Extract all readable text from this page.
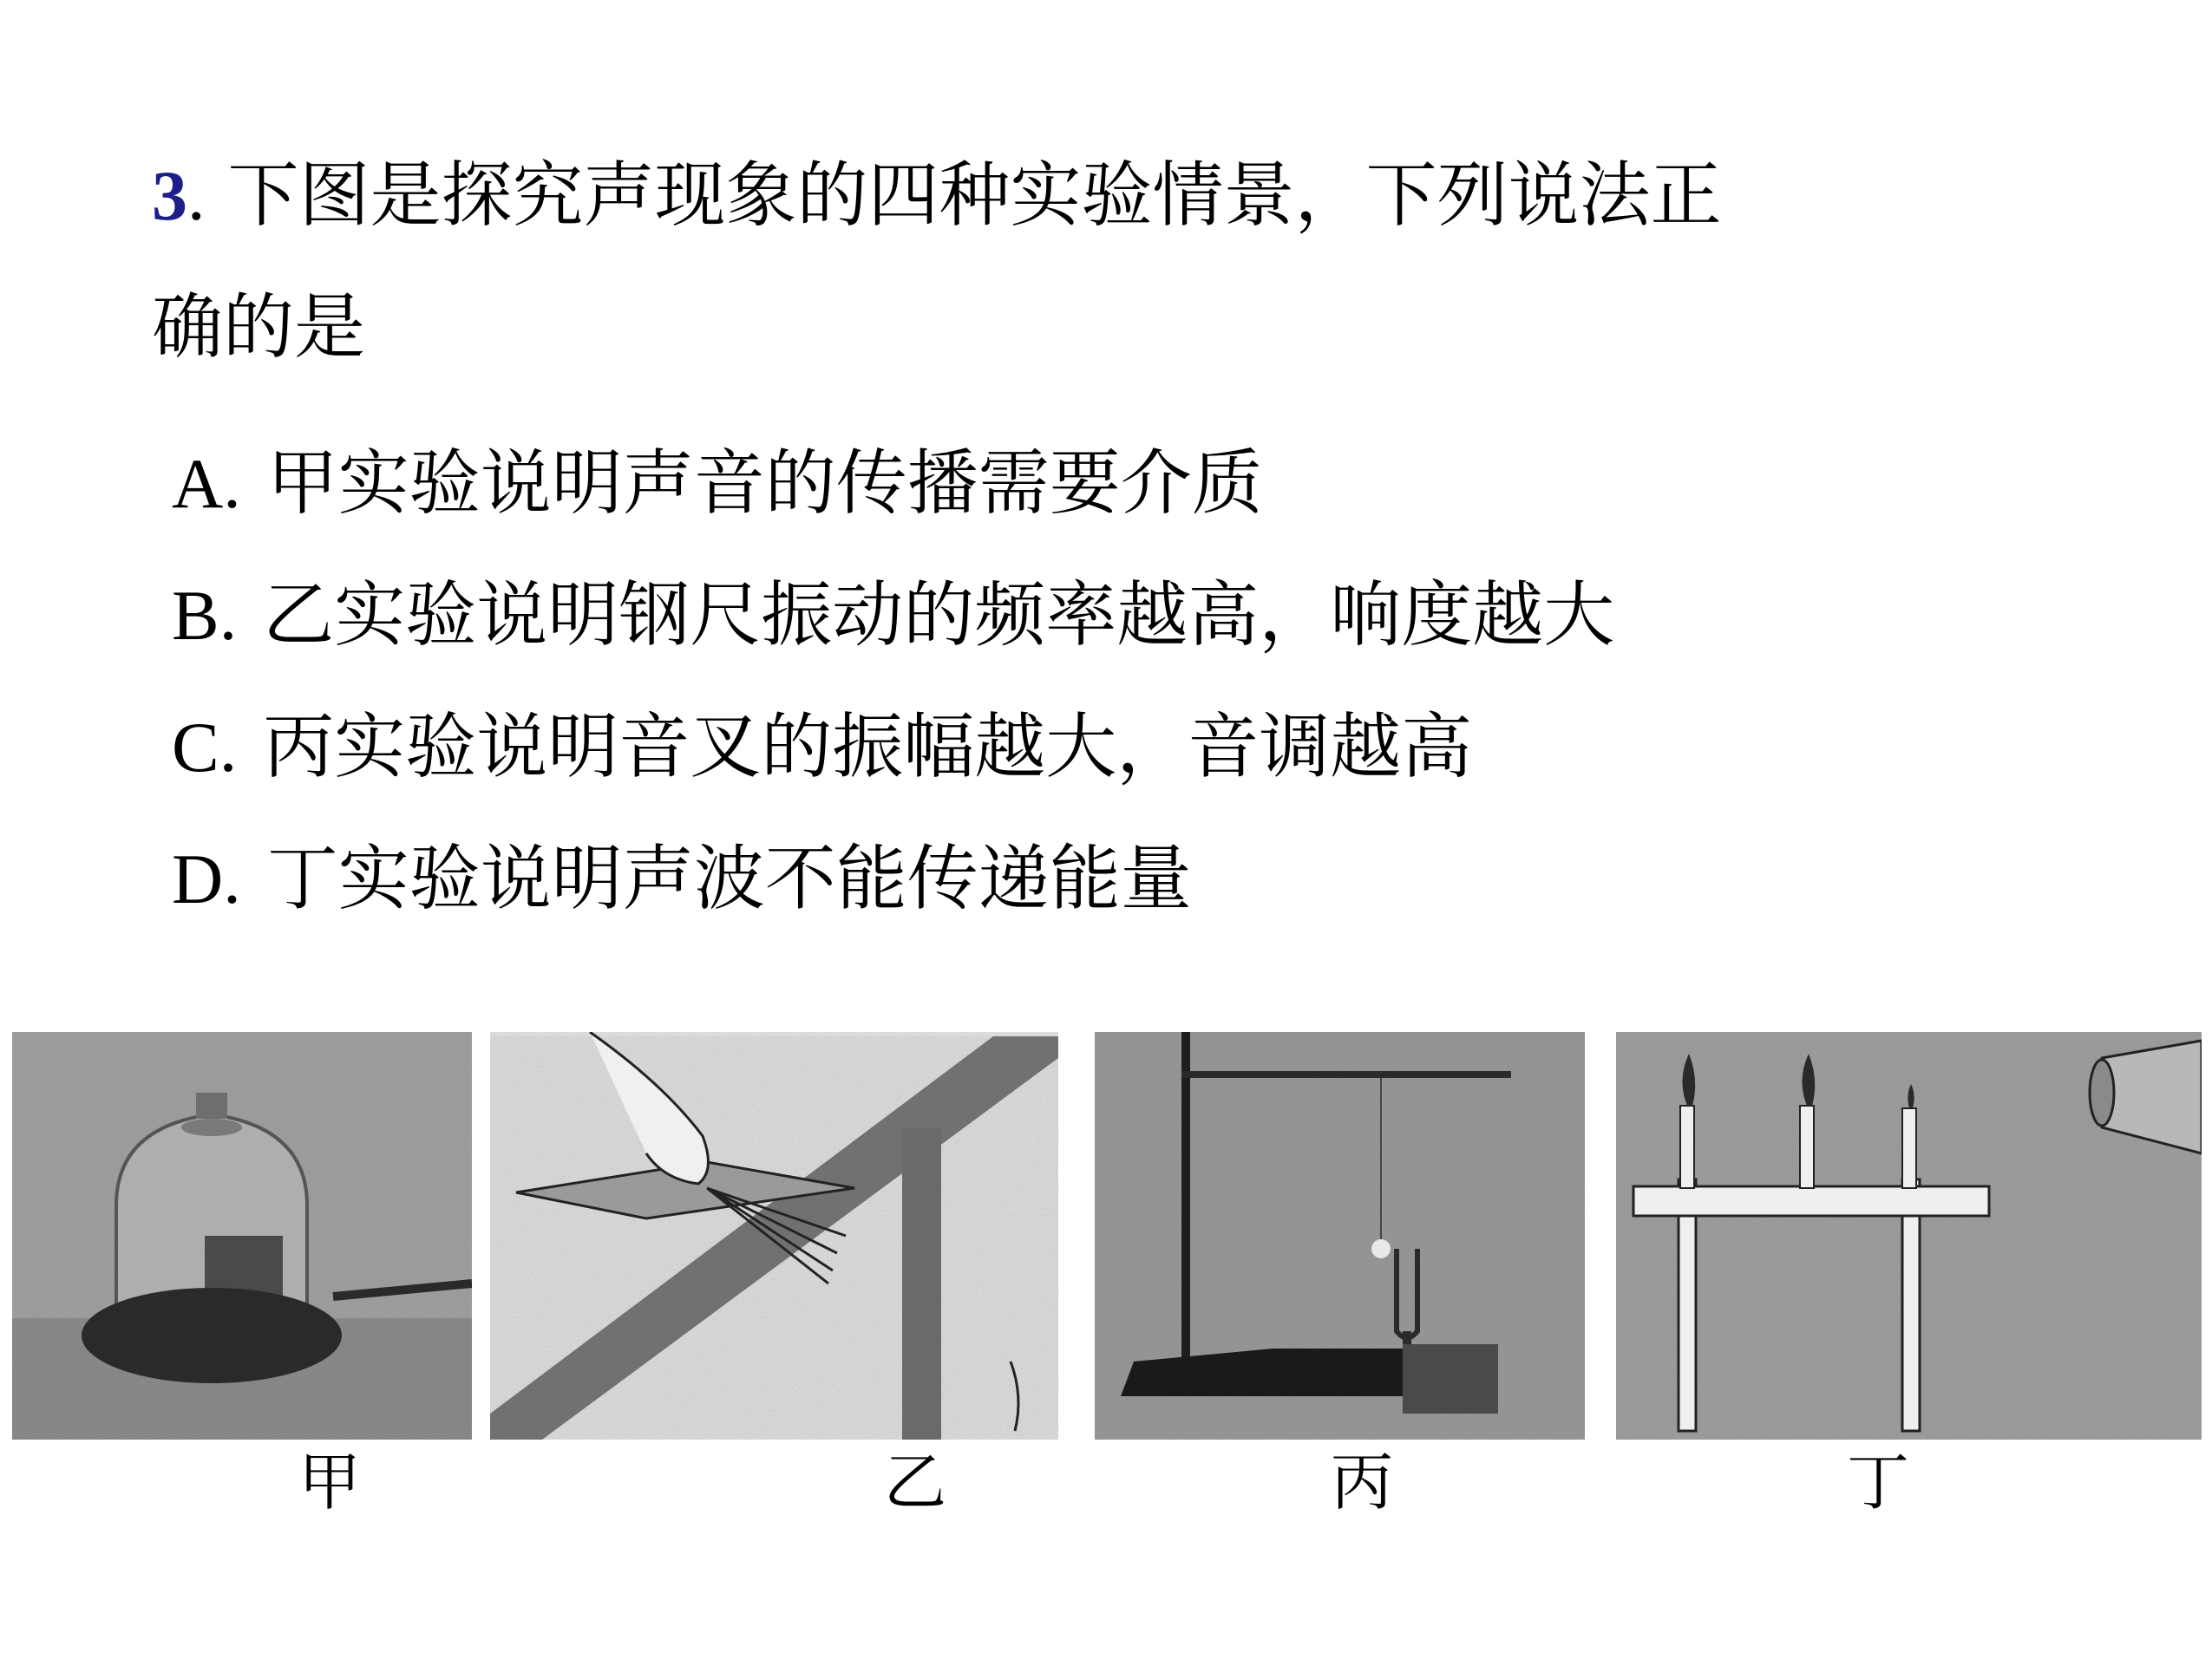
3. 下图是探究声现象的四种实验情景，下列说法正
确的是
A. 甲实验说明声音的传播需要介质
B. 乙实验说明钢尺振动的频率越高，响度越大
C. 丙实验说明音叉的振幅越大，音调越高
D. 丁实验说明声波不能传递能量
甲	乙	丙	丁
